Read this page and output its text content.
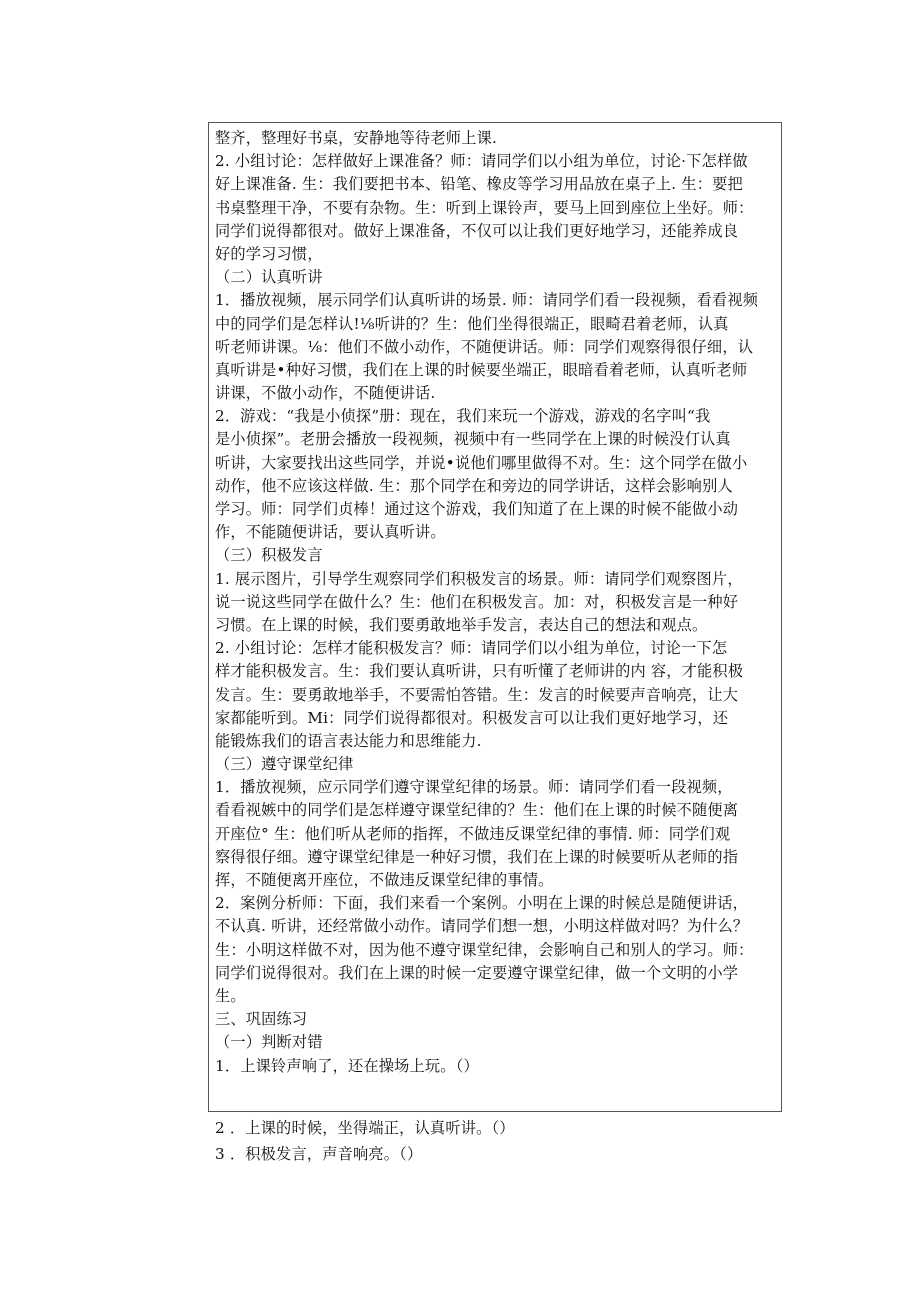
整齐，整理好书桌，安静地等待老师上课.
2. 小组讨论：怎样做好上课准备？师：请同学们以小组为单位，讨论·下怎样做
好上课准备. 生：我们要把书本、铅笔、橡皮等学习用品放在桌子上. 生：要把
书桌整理干净，不要有杂物。生：听到上课铃声，要马上回到座位上坐好。师：
同学们说得都很对。做好上课准备，不仅可以让我们更好地学习，还能养成良
好的学习习惯，
（二）认真听讲
1．播放视频，展示同学们认真听讲的场景. 师：请同学们看一段视频，看看视频
中的同学们是怎样认!⅛听讲的？生：他们坐得很端正，眼畸君着老师，认真
听老师讲课。⅛：他们不做小动作，不随便讲话。师：同学们观察得很仔细，认
真听讲是•种好习惯，我们在上课的时候要坐端正，眼暗看着老师，认真听老师
讲课，不做小动作，不随便讲话.
2．游戏：“我是小侦探”册：现在，我们来玩一个游戏，游戏的名字叫“我
是小侦探”。老册会播放一段视频，视频中有一些同学在上课的时候没仃认真
听讲，大家要找出这些同学，并说•说他们哪里做得不对。生：这个同学在做小
动作，他不应该这样做. 生：那个同学在和旁边的同学讲话，这样会影响别人
学习。师：同学们贞棒！通过这个游戏，我们知道了在上课的时候不能做小动
作，不能随便讲话，要认真听讲。
（三）积极发言
1. 展示图片，引导学生观察同学们积极发言的场景。师：请同学们观察图片，
说一说这些同学在做什么？生：他们在积极发言。加：对，积极发言是一种好
习惯。在上课的时候，我们要勇敢地举手发言，表达自己的想法和观点。
2. 小组讨论：怎样才能积极发言？师：请同学们以小组为单位，讨论一下怎
样才能积极发言。生：我们要认真听讲，只有听懂了老师讲的内 容，才能积极
发言。生：要勇敢地举手，不要需怕答错。生：发言的时候要声音响亮，让大
家都能听到。Mi：同学们说得都很对。积极发言可以让我们更好地学习，还
能锻炼我们的语言表达能力和思维能力.
（三）遵守课堂纪律
1．播放视频，应示同学们遵守课堂纪律的场景。师：请同学们看一段视频，
看看视嫉中的同学们是怎样遵守课堂纪律的？生：他们在上课的时候不随便离
开座位° 生：他们听从老师的指挥，不做违反课堂纪律的事情. 师：同学们观
察得很仔细。遵守课堂纪律是一种好习惯，我们在上课的时候要听从老师的指
挥，不随便离开座位，不做违反课堂纪律的事情。
2．案例分析师：下面，我们来看一个案例。小明在上课的时候总是随便讲话，
不认真. 听讲，还经常做小动作。请同学们想一想，小明这样做对吗？为什么？
生：小明这样做不对，因为他不遵守课堂纪律，会影响自己和别人的学习。师：
同学们说得很对。我们在上课的时候一定要遵守课堂纪律，做一个文明的小学
生。
三、巩固练习
（一）判断对错
1．上课铃声响了，还在操场上玩。（）
2 ．上课的时候，坐得端正，认真听讲。（）
3 ．积极发言，声音响亮。（）
